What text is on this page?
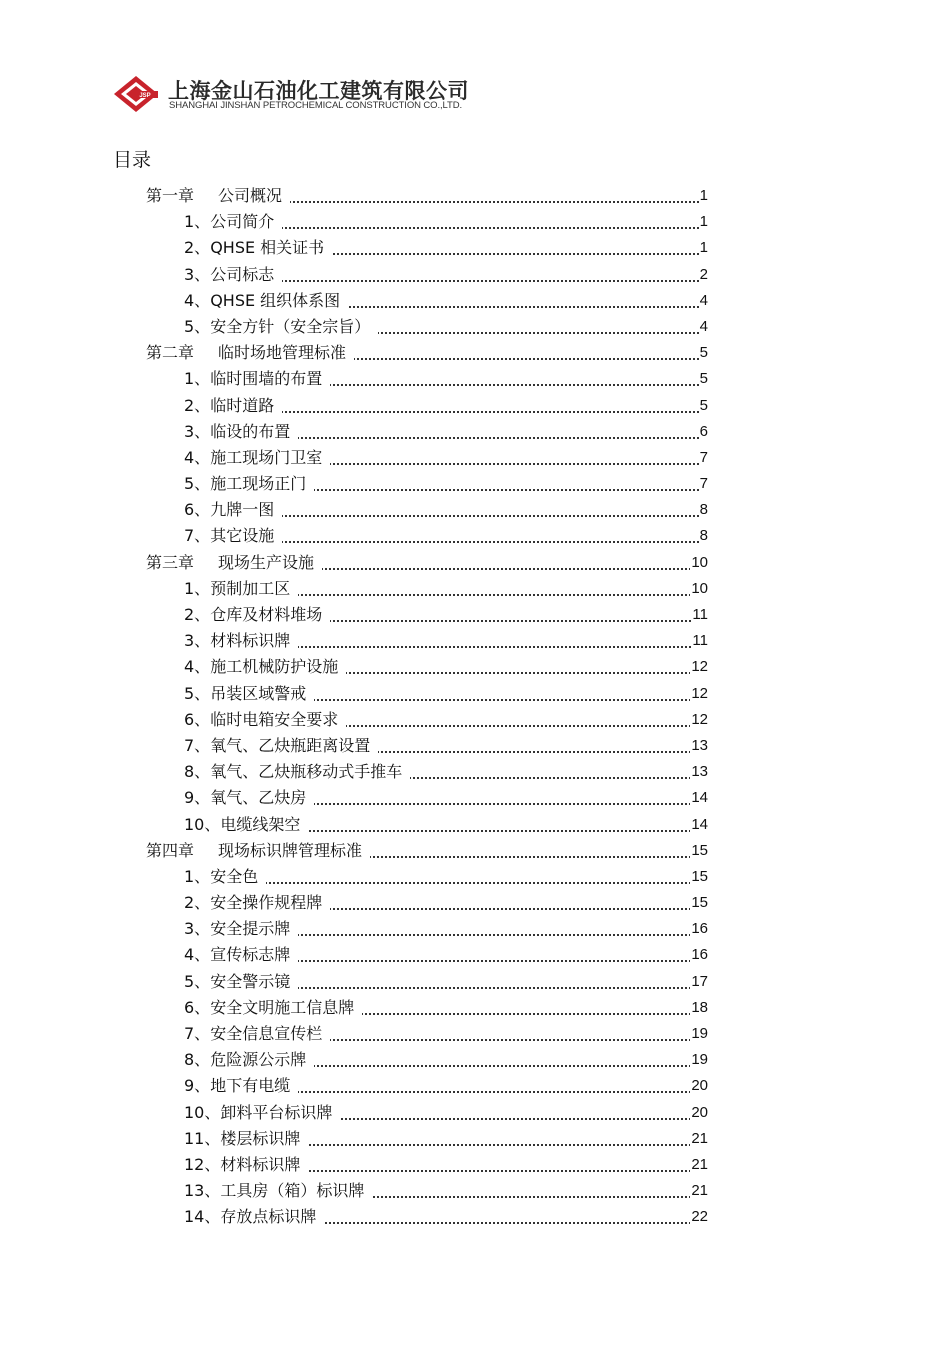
JSP 上海金山石油化工建筑有限公司
SHANGHAI JINSHAN PETROCHEMICAL CONSTRUCTION CO.,LTD.
目录
第一章 公司概况	1
1、公司简介	1
2、QHSE 相关证书	1
3、公司标志	2
4、QHSE 组织体系图	4
5、安全方针（安全宗旨）	4
第二章 临时场地管理标准	5
1、临时围墙的布置	5
2、临时道路	5
3、临设的布置	6
4、施工现场门卫室	7
5、施工现场正门	7
6、九牌一图	8
7、其它设施	8
第三章 现场生产设施	10
1、预制加工区	10
2、仓库及材料堆场	11
3、材料标识牌	11
4、施工机械防护设施	12
5、吊装区域警戒	12
6、临时电箱安全要求	12
7、氧气、乙炔瓶距离设置	13
8、氧气、乙炔瓶移动式手推车	13
9、氧气、乙炔房	14
10、电缆线架空	14
第四章 现场标识牌管理标准	15
1、安全色	15
2、安全操作规程牌	15
3、安全提示牌	16
4、宣传标志牌	16
5、安全警示镜	17
6、安全文明施工信息牌	18
7、安全信息宣传栏	19
8、危险源公示牌	19
9、地下有电缆	20
10、卸料平台标识牌	20
11、楼层标识牌	21
12、材料标识牌	21
13、工具房（箱）标识牌	21
14、存放点标识牌	22
